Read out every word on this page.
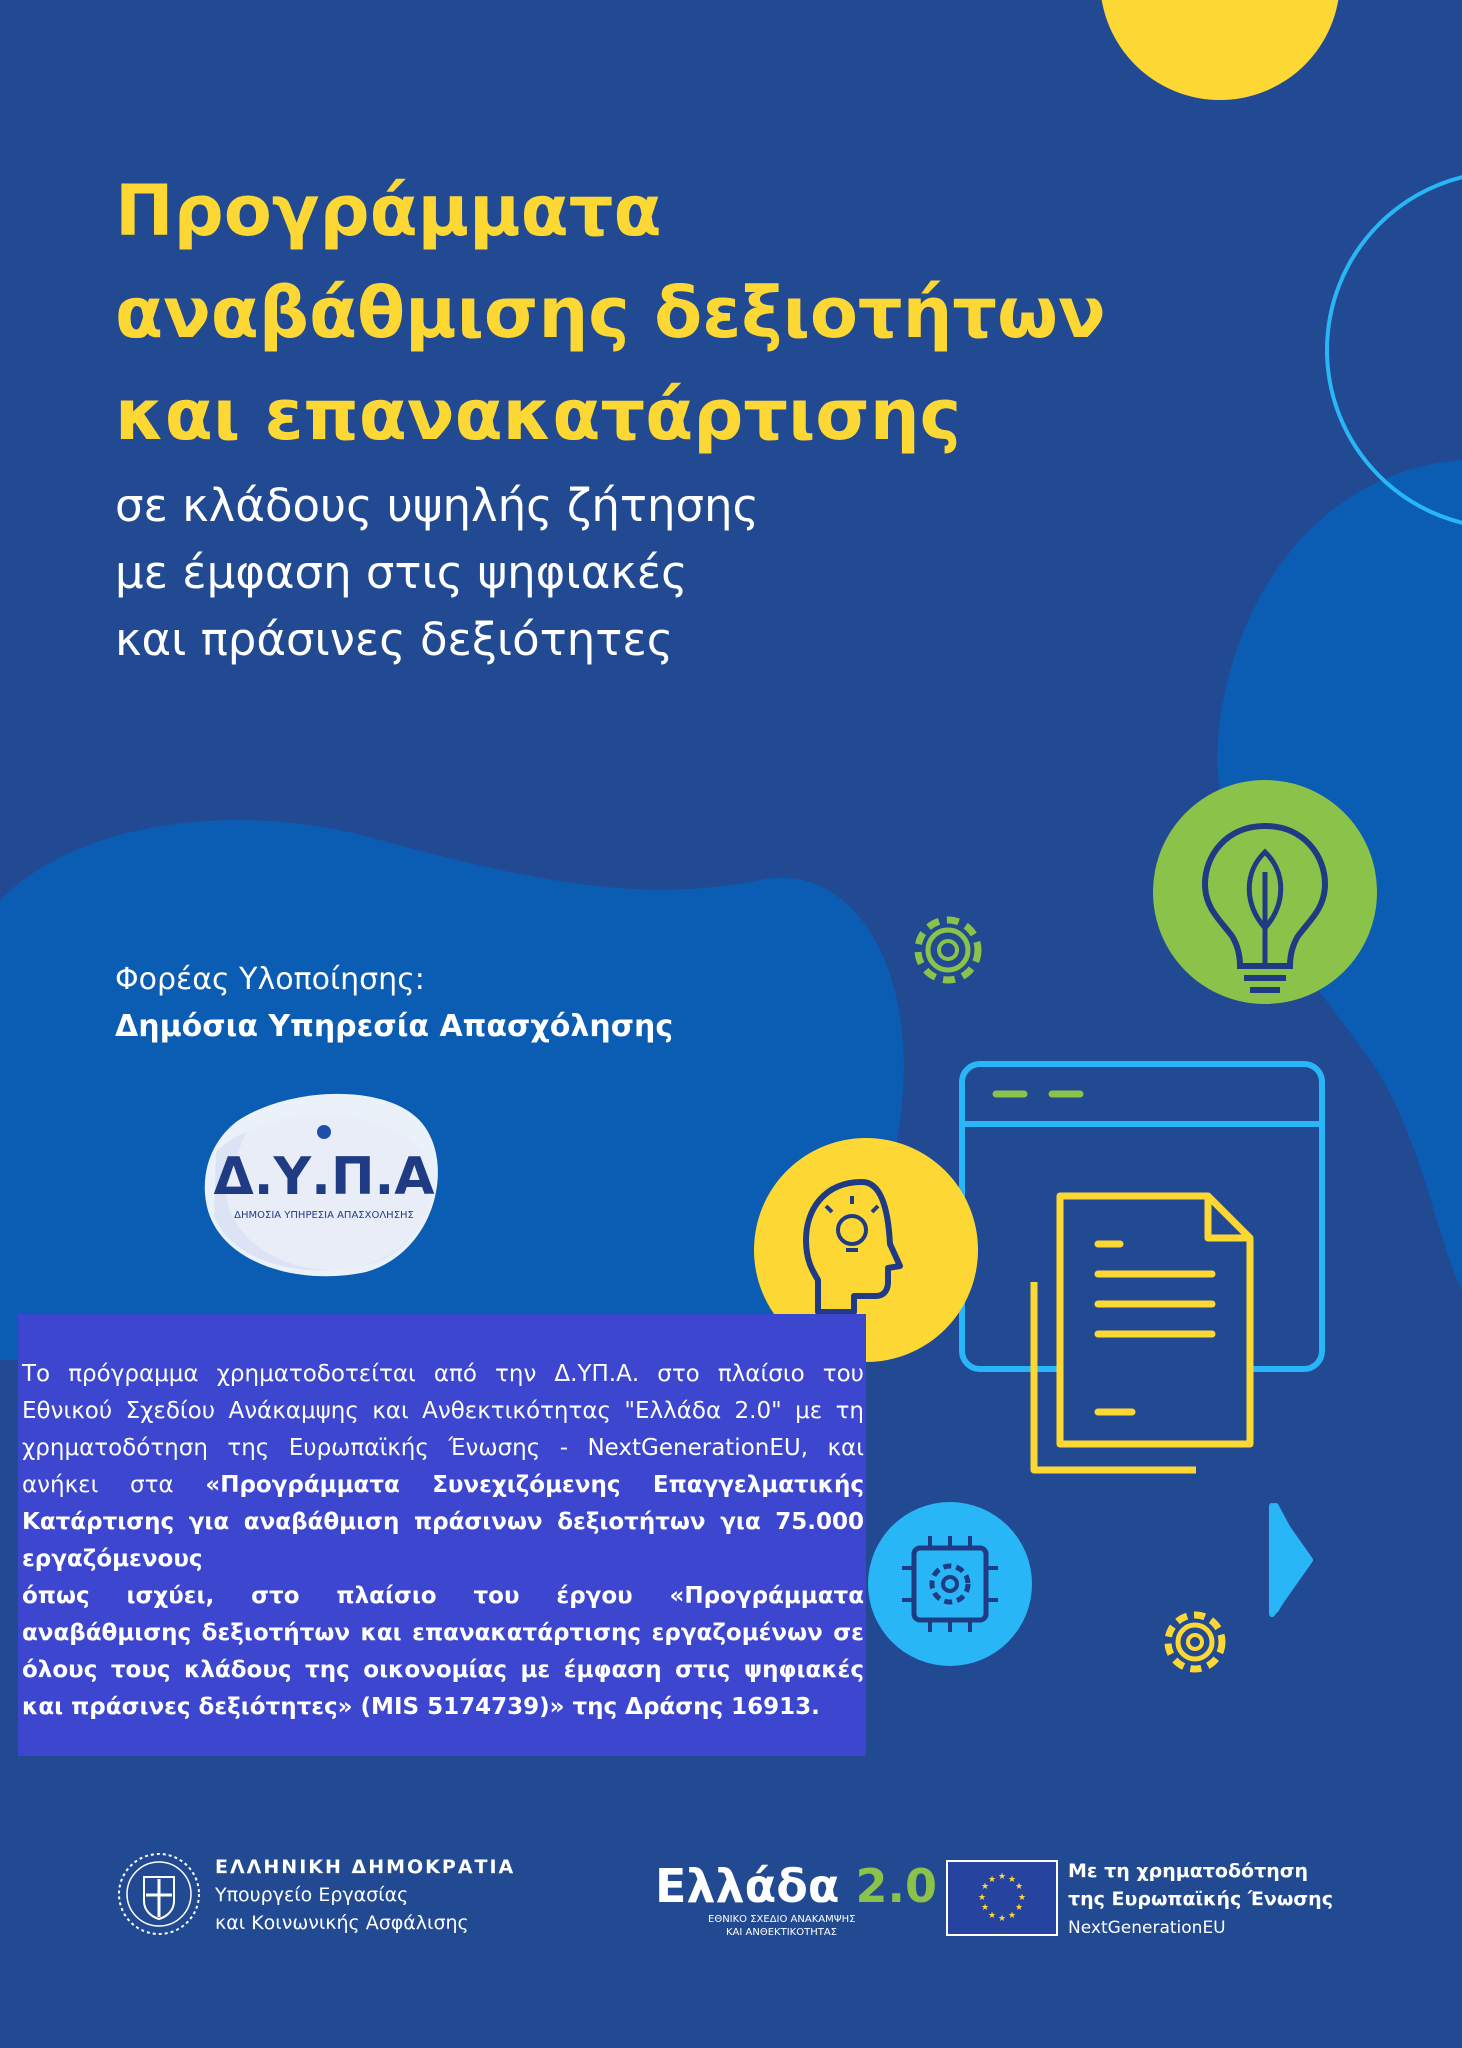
Προγράμματα
αναβάθμισης δεξιοτήτων
και επανακατάρτισης
σε κλάδους υψηλής ζήτησης
με έμφαση στις ψηφιακές
και πράσινες δεξιότητες
Φορέας Υλοποίησης:
Δημόσια Υπηρεσία Απασχόλησης
Δ.Υ.Π.Α
ΔΗΜΟΣΙΑ ΥΠΗΡΕΣΙΑ ΑΠΑΣΧΟΛΗΣΗΣ

Το πρόγραμμα χρηματοδοτείται από την Δ.ΥΠ.Α. στο πλαίσιο του Εθνικού Σχεδίου Ανάκαμψης και Ανθεκτικότητας "Ελλάδα 2.0" με τη χρηματοδότηση της Ευρωπαϊκής Ένωσης - NextGenerationEU, και ανήκει στα «Προγράμματα Συνεχιζόμενης Επαγγελματικής Κατάρτισης για αναβάθμιση πράσινων δεξιοτήτων για 75.000 εργαζόμενους
όπως ισχύει, στο πλαίσιο του έργου «Προγράμματα αναβάθμισης δεξιοτήτων και επανακατάρτισης εργαζομένων σε όλους τους κλάδους της οικονομίας με έμφαση στις ψηφιακές και πράσινες δεξιότητες» (MIS 5174739)» της Δράσης 16913.

ΕΛΛΗΝΙΚΗ ΔΗΜΟΚΡΑΤΙΑ
Υπουργείο Εργασίας
και Κοινωνικής Ασφάλισης
Ελλάδα 2.0
ΕΘΝΙΚΟ ΣΧΕΔΙΟ ΑΝΑΚΑΜΨΗΣ
ΚΑΙ ΑΝΘΕΚΤΙΚΟΤΗΤΑΣ
★ ★
★
★
★
★
★
★
★
★
★
★	Με τη χρηματοδότηση
της Ευρωπαϊκής Ένωσης
NextGenerationEU
